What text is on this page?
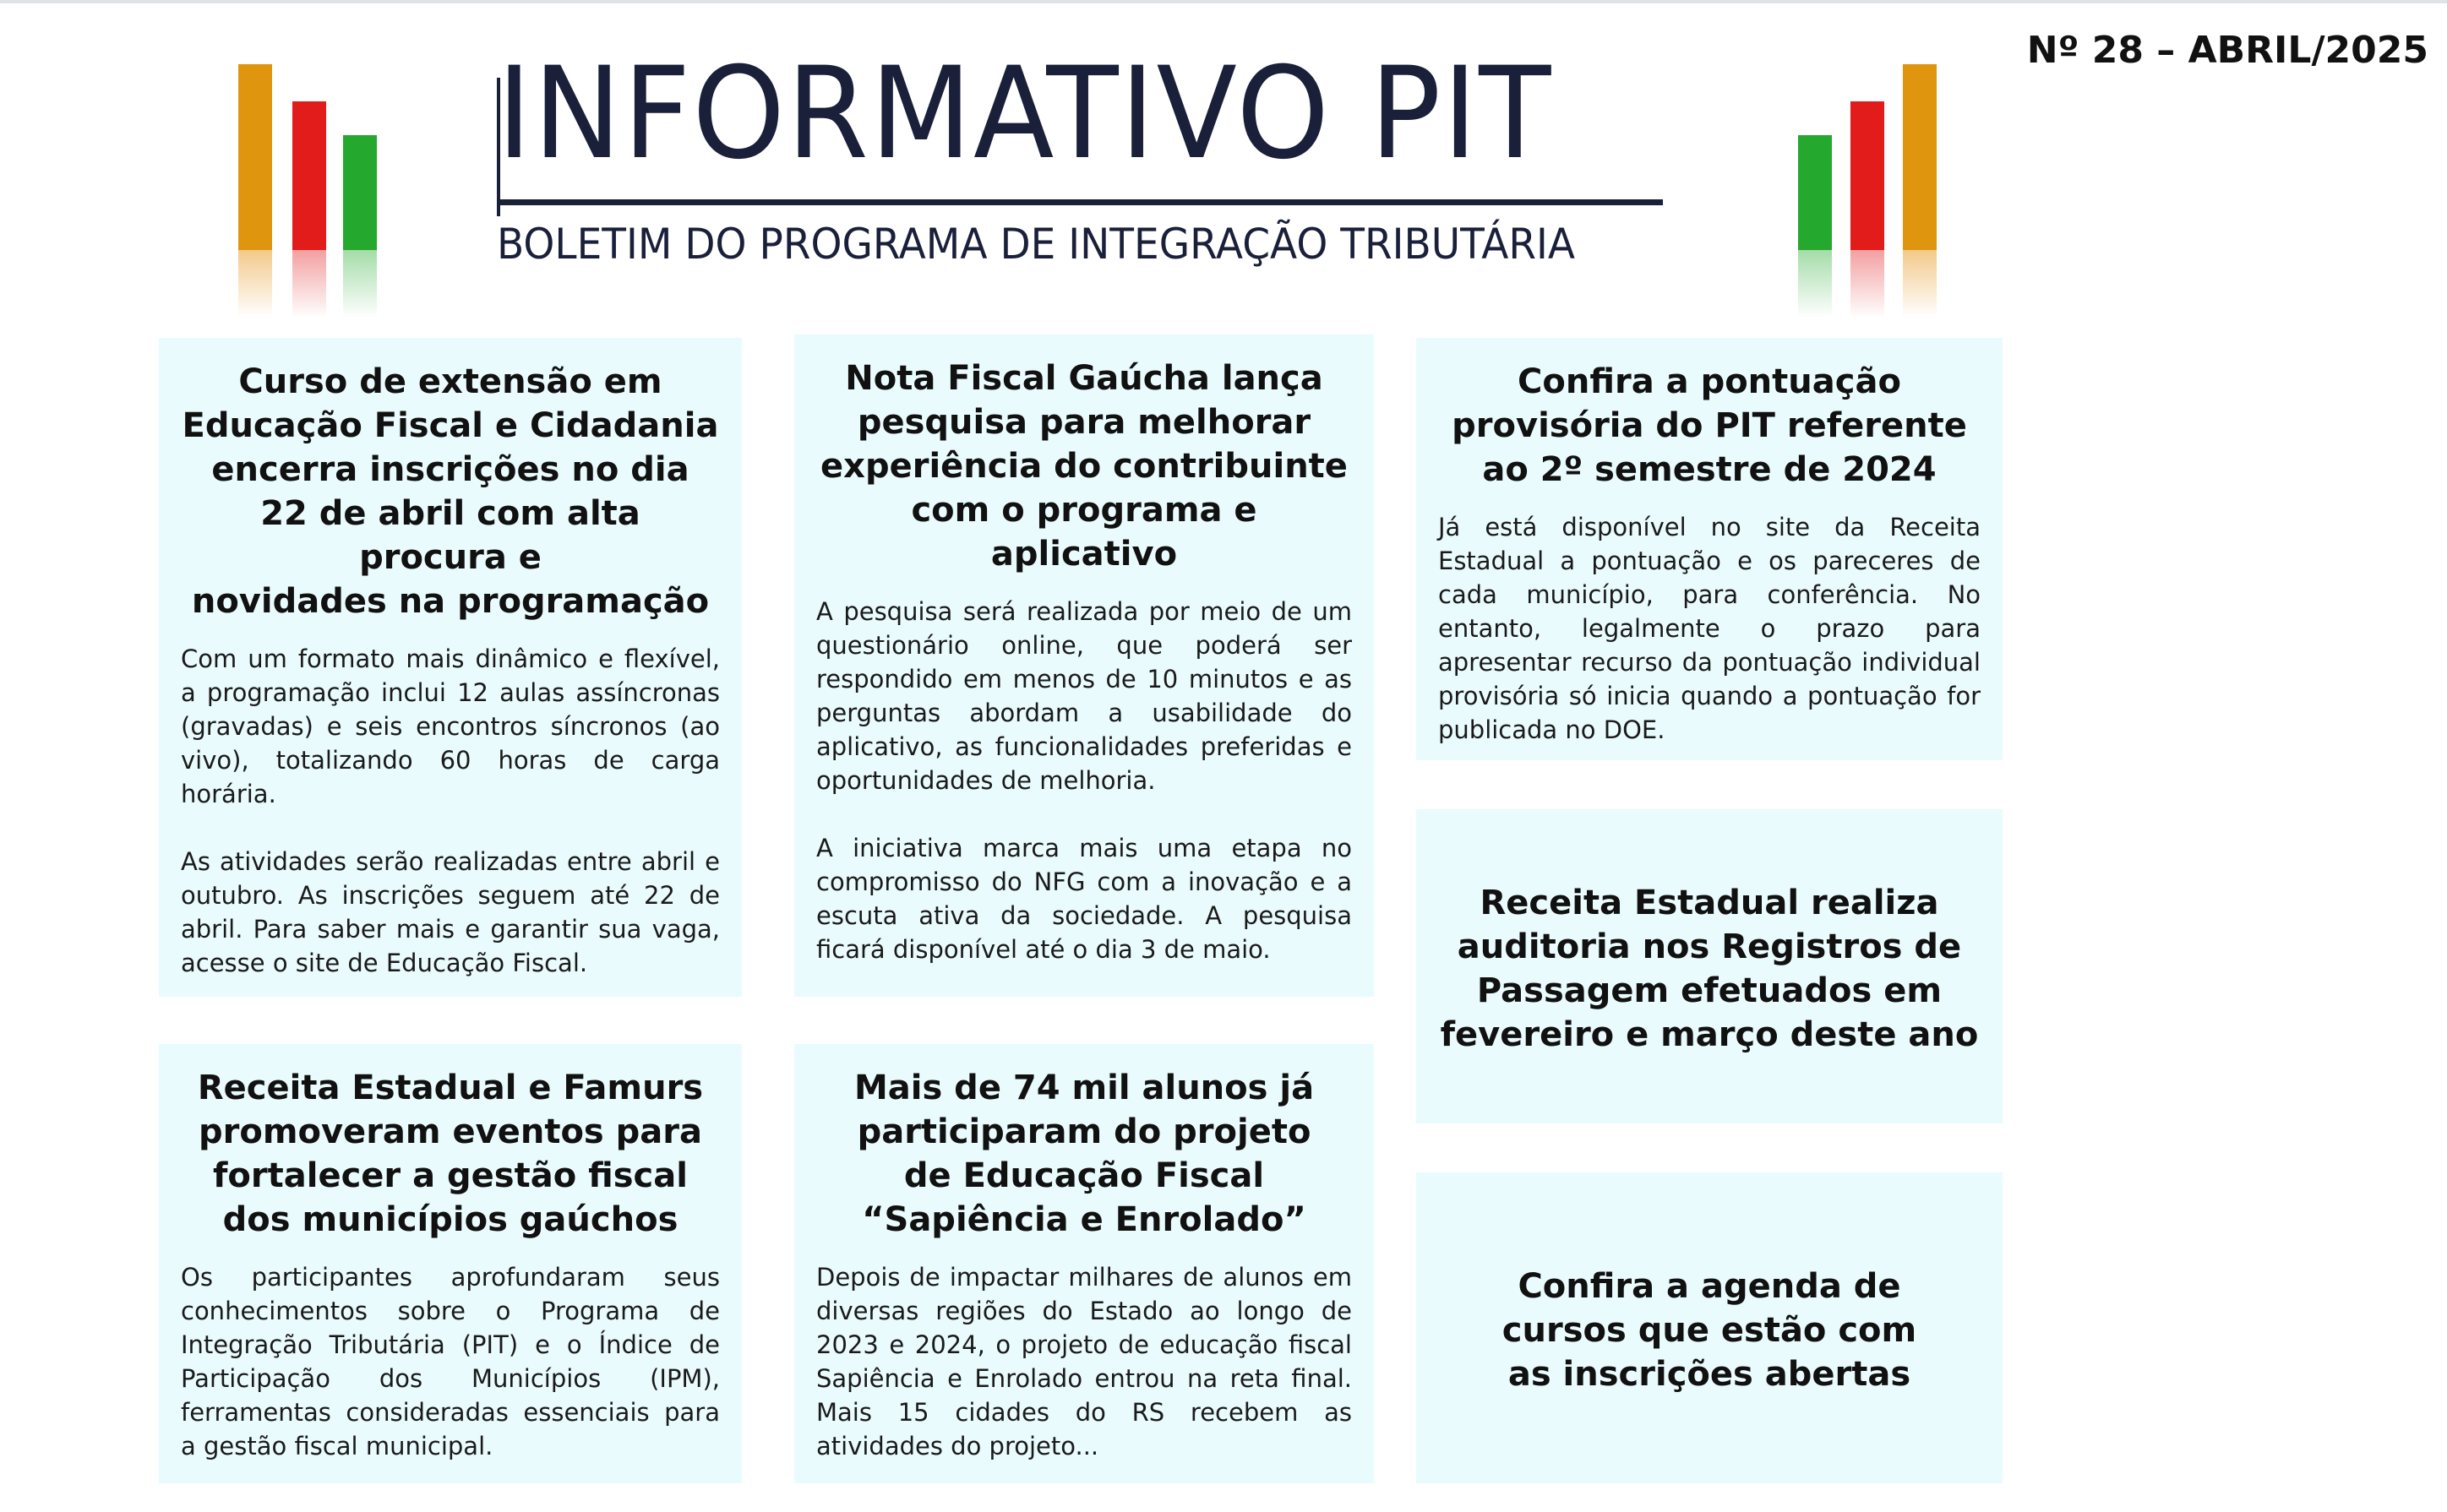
Nº 28 – ABRIL/2025
INFORMATIVO PIT
BOLETIM DO PROGRAMA DE INTEGRAÇÃO TRIBUTÁRIA
Curso de extensão em
Educação Fiscal e Cidadania
encerra inscrições no dia
22 de abril com alta procura e
novidades na programação

Com um formato mais dinâmico e flexível, a programação inclui 12 aulas assíncronas (gravadas) e seis encontros síncronos (ao vivo), totalizando 60 horas de carga horária.

As atividades serão realizadas entre abril e outubro. As inscrições seguem até 22 de abril. Para saber mais e garantir sua vaga, acesse o site de Educação Fiscal.

Receita Estadual e Famurs
promoveram eventos para
fortalecer a gestão fiscal
dos municípios gaúchos

Os participantes aprofundaram seus conhecimentos sobre o Programa de Integração Tributária (PIT) e o Índice de Participação dos Municípios (IPM), ferramentas consideradas essenciais para a gestão fiscal municipal.

Nota Fiscal Gaúcha lança
pesquisa para melhorar
experiência do contribuinte
com o programa e aplicativo

A pesquisa será realizada por meio de um questionário online, que poderá ser respondido em menos de 10 minutos e as perguntas abordam a usabilidade do aplicativo, as funcionalidades preferidas e oportunidades de melhoria.

A iniciativa marca mais uma etapa no compromisso do NFG com a inovação e a escuta ativa da sociedade. A pesquisa ficará disponível até o dia 3 de maio.

Mais de 74 mil alunos já
participaram do projeto
de Educação Fiscal
“Sapiência e Enrolado”

Depois de impactar milhares de alunos em diversas regiões do Estado ao longo de 2023 e 2024, o projeto de educação fiscal Sapiência e Enrolado entrou na reta final. Mais 15 cidades do RS recebem as atividades do projeto...

Confira a pontuação
provisória do PIT referente
ao 2º semestre de 2024

Já está disponível no site da Receita Estadual a pontuação e os pareceres de cada município, para conferência. No entanto, legalmente o prazo para apresentar recurso da pontuação individual provisória só inicia quando a pontuação for publicada no DOE.

Receita Estadual realiza
auditoria nos Registros de
Passagem efetuados em
fevereiro e março deste ano
Confira a agenda de
cursos que estão com
as inscrições abertas
